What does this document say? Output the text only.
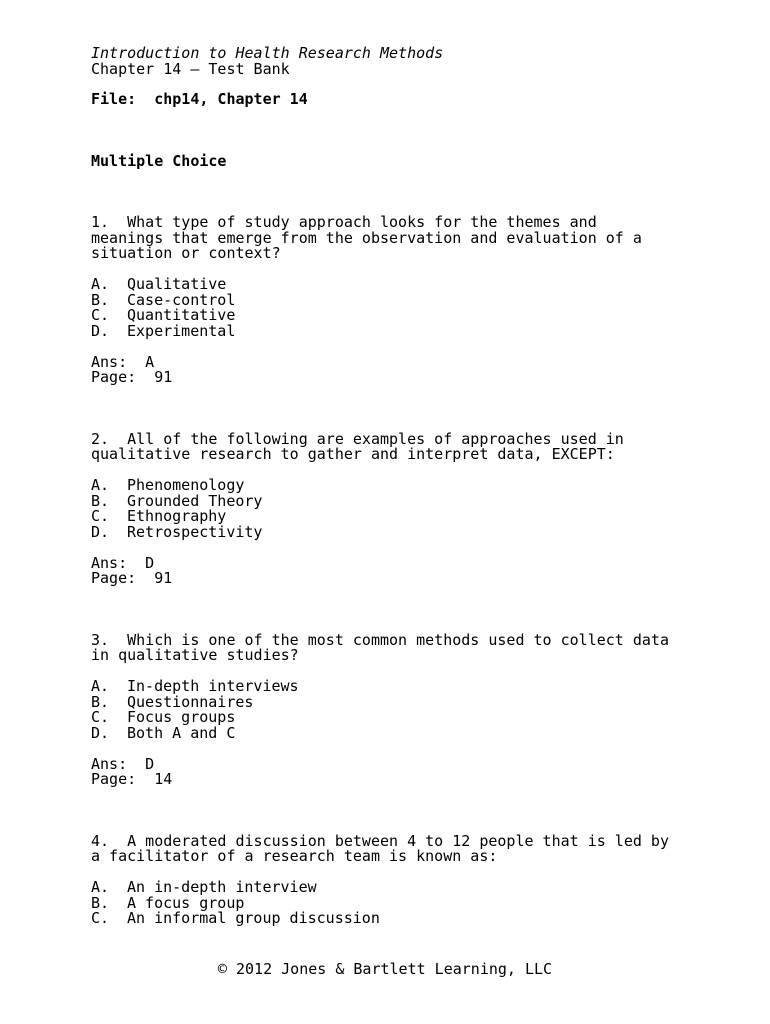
Introduction to Health Research Methods
Chapter 14 – Test Bank
File:  chp14, Chapter 14
Multiple Choice
1.  What type of study approach looks for the themes and
meanings that emerge from the observation and evaluation of a
situation or context?
A. Qualitative
B. Case-control
C. Quantitative
D. Experimental
Ans:  A
Page:  91
2.  All of the following are examples of approaches used in
qualitative research to gather and interpret data, EXCEPT:
A. Phenomenology
B. Grounded Theory
C. Ethnography
D. Retrospectivity
Ans:  D
Page:  91
3.  Which is one of the most common methods used to collect data
in qualitative studies?
A. In-depth interviews
B. Questionnaires
C. Focus groups
D. Both A and C
Ans:  D
Page:  14
4.  A moderated discussion between 4 to 12 people that is led by
a facilitator of a research team is known as:
A. An in-depth interview
B. A focus group
C. An informal group discussion
© 2012 Jones & Bartlett Learning, LLC
